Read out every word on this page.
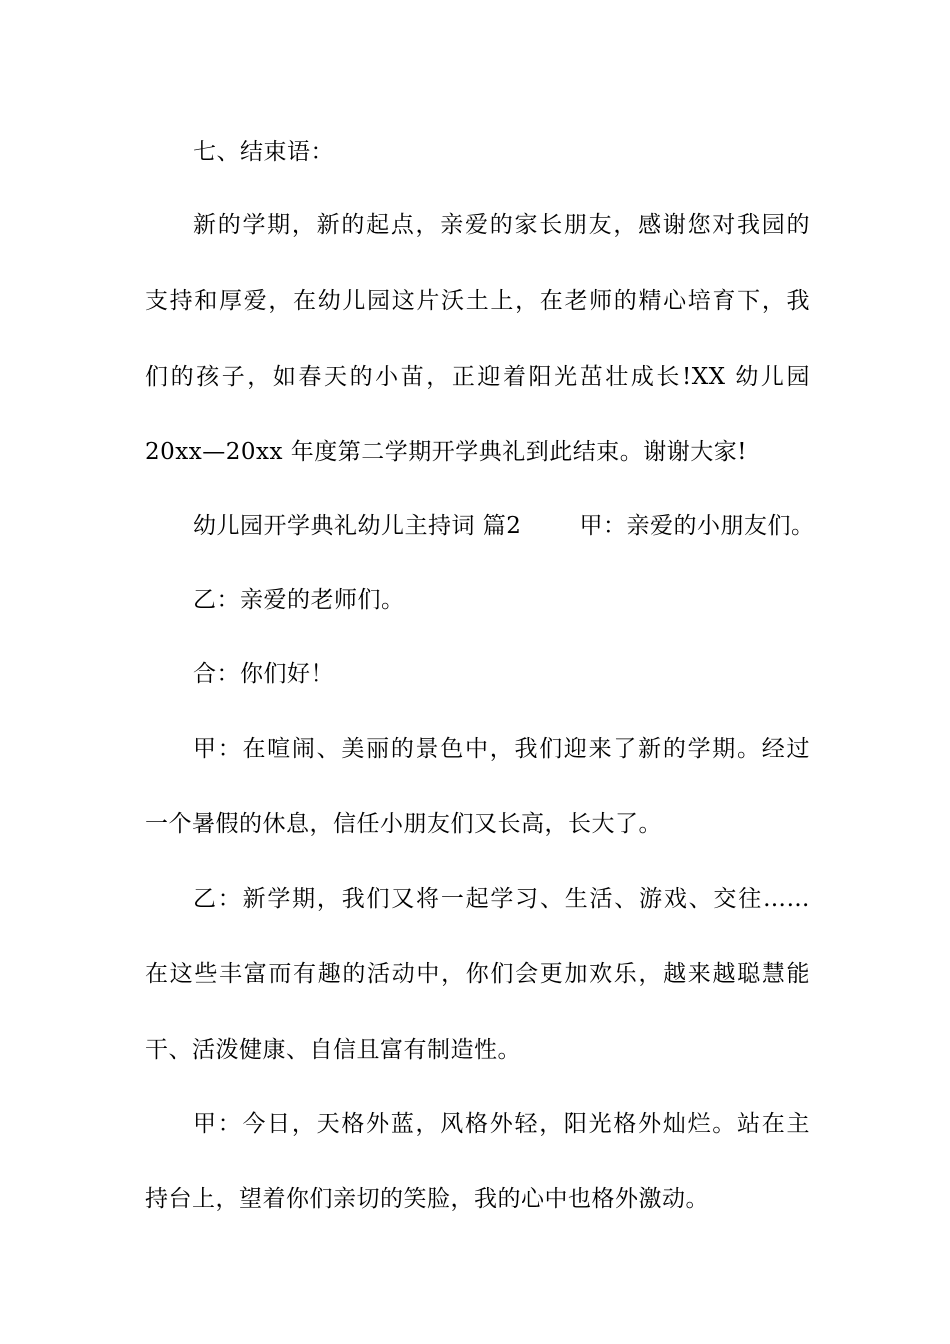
七、结束语：
新的学期，新的起点，亲爱的家长朋友，感谢您对我园的
支持和厚爱，在幼儿园这片沃土上，在老师的精心培育下，我
们的孩子，如春天的小苗，正迎着阳光茁壮成长!XX 幼儿园
20xx—20xx 年度第二学期开学典礼到此结束。谢谢大家!
幼儿园开学典礼幼儿主持词 篇2	甲：亲爱的小朋友们。
乙：亲爱的老师们。
合：你们好！
甲：在喧闹、美丽的景色中，我们迎来了新的学期。经过
一个暑假的休息，信任小朋友们又长高，长大了。
乙：新学期，我们又将一起学习、生活、游戏、交往……
在这些丰富而有趣的活动中，你们会更加欢乐，越来越聪慧能
干、活泼健康、自信且富有制造性。
甲：今日，天格外蓝，风格外轻，阳光格外灿烂。站在主
持台上，望着你们亲切的笑脸，我的心中也格外激动。
